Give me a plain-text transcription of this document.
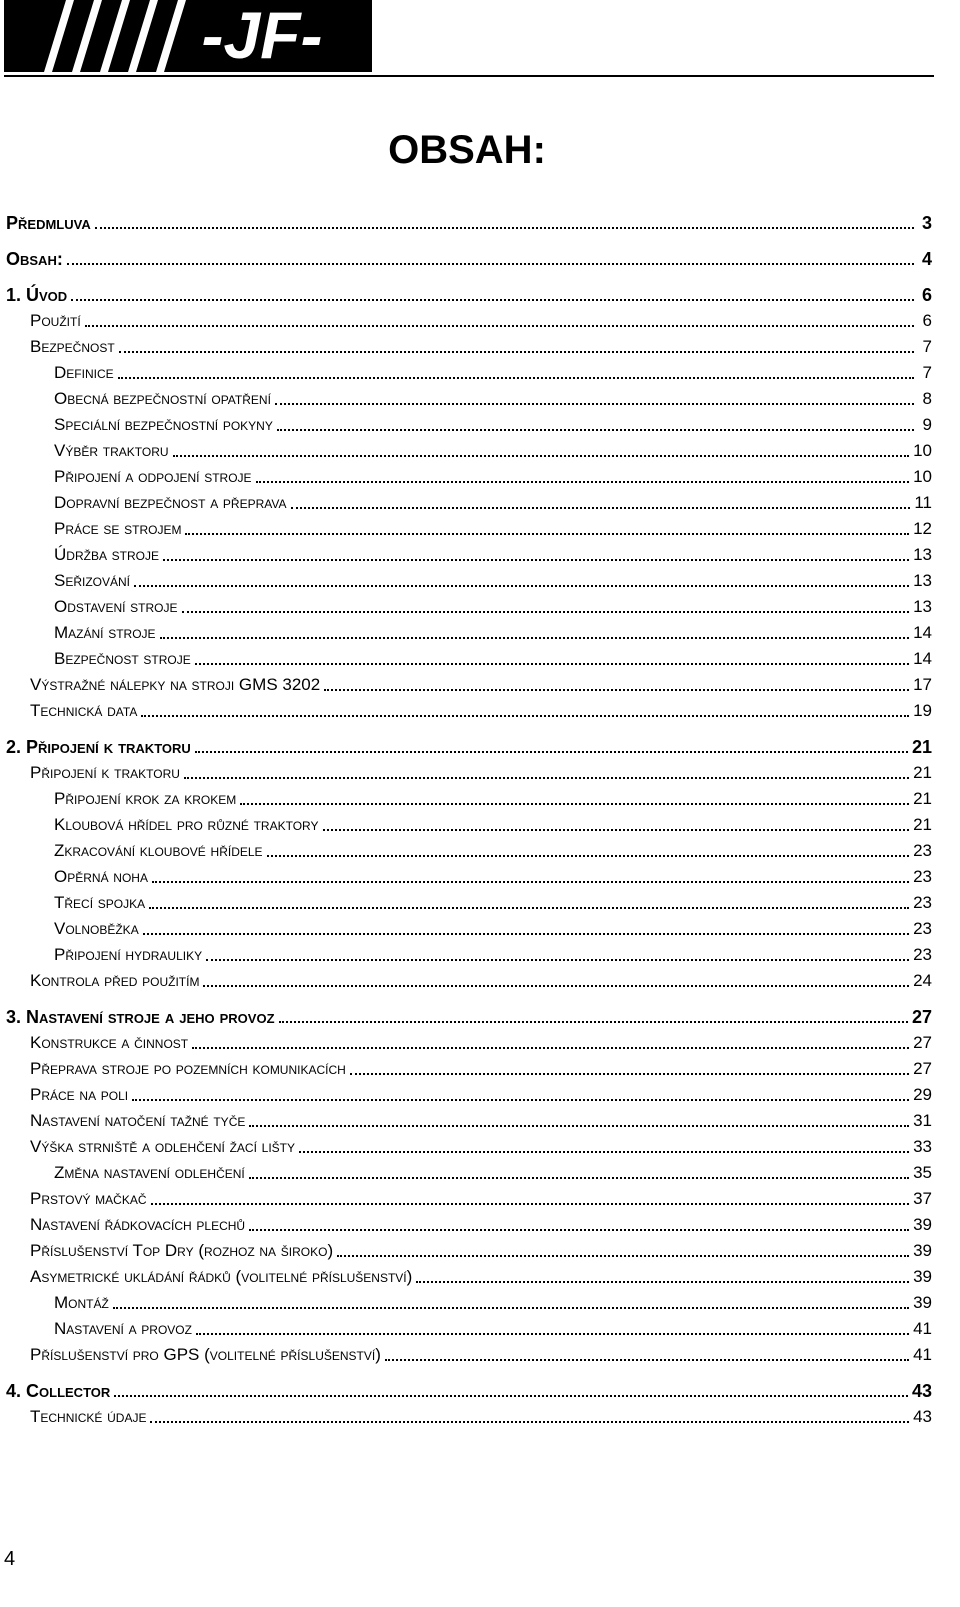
-JF-
OBSAH:
Předmluva	3
Obsah:	4
1. Úvod	6
Použití	6
Bezpečnost	7
Definice	7
Obecná bezpečnostní opatření	8
Speciální bezpečnostní pokyny	9
Výběr traktoru	10
Připojení a odpojení stroje	10
Dopravní bezpečnost a přeprava	11
Práce se strojem	12
Údržba stroje	13
Seřizování	13
Odstavení stroje	13
Mazání stroje	14
Bezpečnost stroje	14
Výstražné nálepky na stroji GMS 3202	17
Technická data	19
2. Připojení k traktoru	21
Připojení k traktoru	21
Připojení krok za krokem	21
Kloubová hřídel pro různé traktory	21
Zkracování kloubové hřídele	23
Opěrná noha	23
Třecí spojka	23
Volnoběžka	23
Připojení hydrauliky	23
Kontrola před použitím	24
3. Nastavení stroje a jeho provoz	27
Konstrukce a činnost	27
Přeprava stroje po pozemních komunikacích	27
Práce na poli	29
Nastavení natočení tažné tyče	31
Výška strniště a odlehčení žací lišty	33
Změna nastavení odlehčení	35
Prstový mačkač	37
Nastavení řádkovacích plechů	39
Příslušenství Top Dry (rozhoz na široko)	39
Asymetrické ukládání řádků (volitelné příslušenství)	39
Montáž	39
Nastavení a provoz	41
Příslušenství pro GPS (volitelné příslušenství)	41
4. Collector	43
Technické údaje	43
4
